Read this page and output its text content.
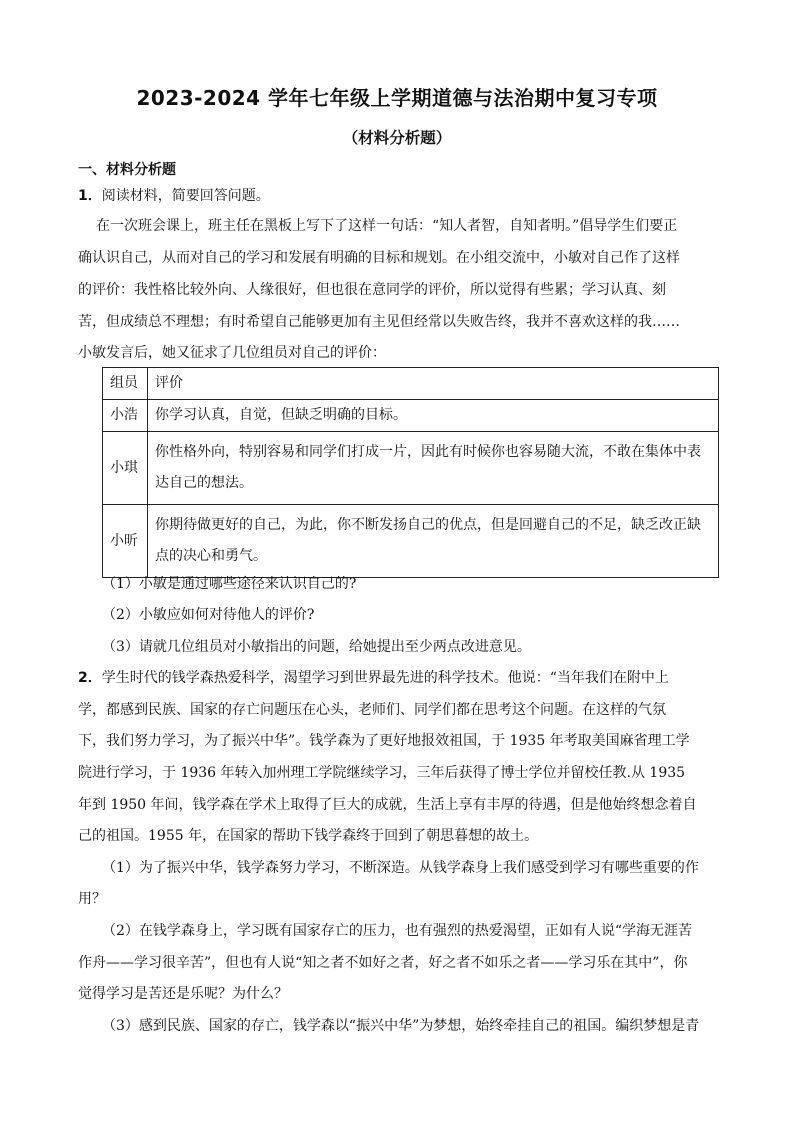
2023-2024 学年七年级上学期道德与法治期中复习专项
（材料分析题）
一、材料分析题
1．阅读材料，简要回答问题。
在一次班会课上，班主任在黑板上写下了这样一句话：“知人者智，自知者明。”倡导学生们要正
确认识自己，从而对自己的学习和发展有明确的目标和规划。在小组交流中，小敏对自己作了这样
的评价：我性格比较外向、人缘很好，但也很在意同学的评价，所以觉得有些累；学习认真、刻
苦，但成绩总不理想；有时希望自己能够更加有主见但经常以失败告终，我并不喜欢这样的我……
小敏发言后，她又征求了几位组员对自己的评价：
组员	评价
小浩	你学习认真，自觉，但缺乏明确的目标。
小琪	你性格外向，特别容易和同学们打成一片，因此有时候你也容易随大流，不敢在集体中表达自己的想法。
小昕	你期待做更好的自己，为此，你不断发扬自己的优点，但是回避自己的不足，缺乏改正缺点的决心和勇气。
（1）小敏是通过哪些途径来认识自己的?
（2）小敏应如何对待他人的评价?
（3）请就几位组员对小敏指出的问题，给她提出至少两点改进意见。
2．学生时代的钱学森热爱科学，渴望学习到世界最先进的科学技术。他说：“当年我们在附中上
学，都感到民族、国家的存亡问题压在心头，老师们、同学们都在思考这个问题。在这样的气氛
下，我们努力学习，为了振兴中华”。钱学森为了更好地报效祖国，于 1935 年考取美国麻省理工学
院进行学习，于 1936 年转入加州理工学院继续学习，三年后获得了博士学位并留校任教.从 1935
年到 1950 年间，钱学森在学术上取得了巨大的成就，生活上享有丰厚的待遇，但是他始终想念着自
己的祖国。1955 年，在国家的帮助下钱学森终于回到了朝思暮想的故土。
（1）为了振兴中华，钱学森努力学习，不断深造。从钱学森身上我们感受到学习有哪些重要的作
用？
（2）在钱学森身上，学习既有国家存亡的压力，也有强烈的热爱渴望，正如有人说“学海无涯苦
作舟——学习很辛苦”，但也有人说“知之者不如好之者，好之者不如乐之者——学习乐在其中”，你
觉得学习是苦还是乐呢？为什么？
（3）感到民族、国家的存亡，钱学森以“振兴中华”为梦想，始终牵挂自己的祖国。编织梦想是青
